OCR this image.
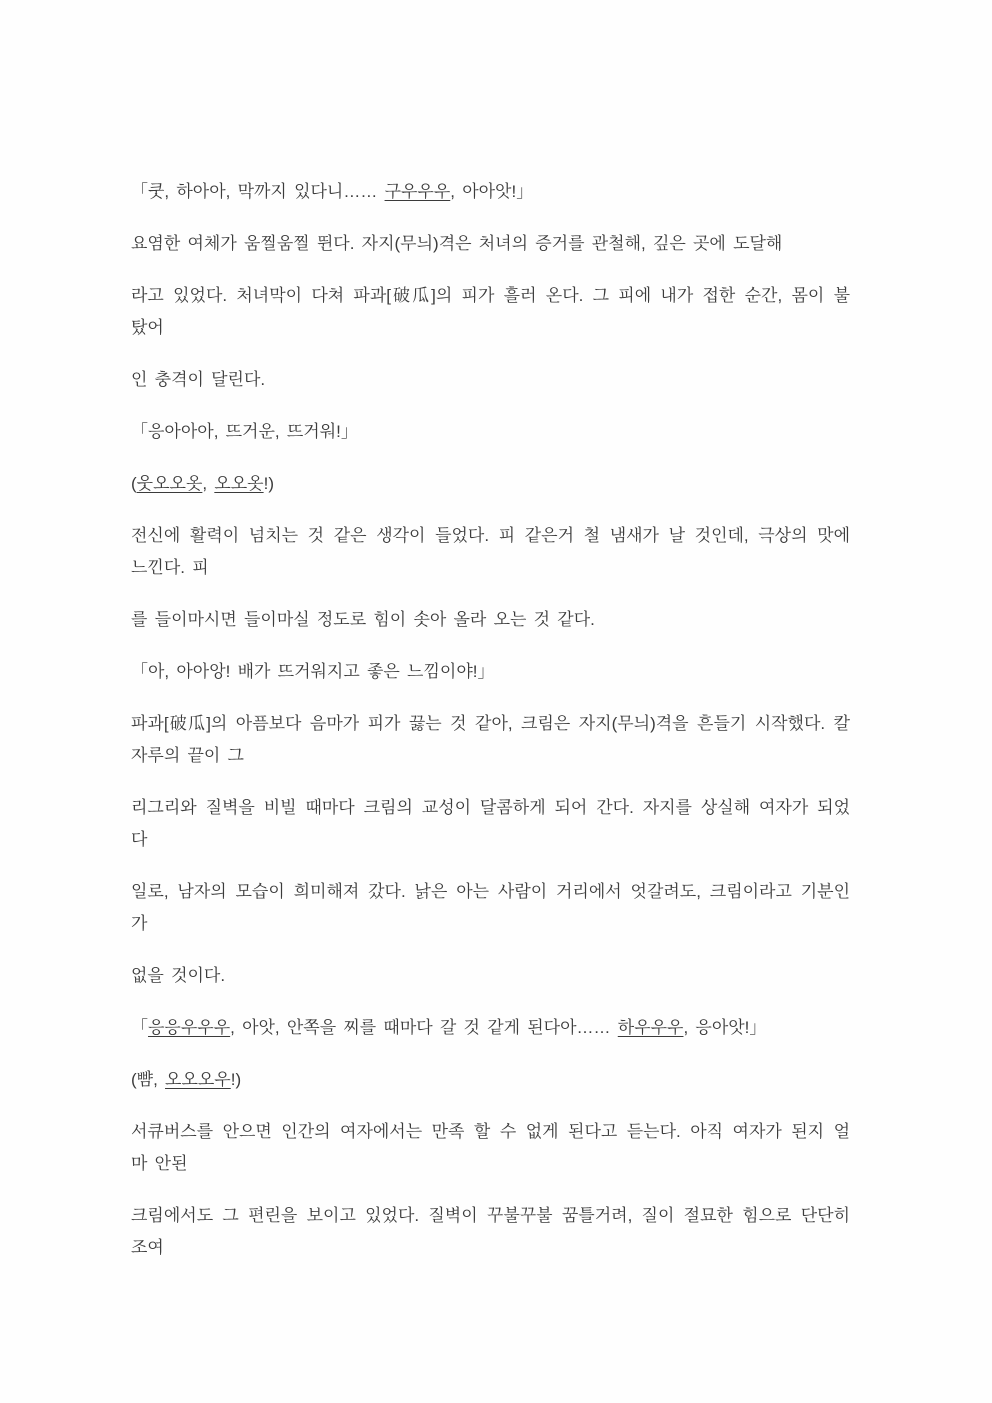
「쿳, 하아아, 막까지 있다니…… 구우우우, 아아앗!」
요염한 여체가 움찔움찔 뛴다. 자지(무늬)격은 처녀의 증거를 관철해, 깊은 곳에 도달해
라고 있었다. 처녀막이 다쳐 파과[破瓜]의 피가 흘러 온다. 그 피에 내가 접한 순간, 몸이 불
탔어
인 충격이 달린다.
「응아아아, 뜨거운, 뜨거워!」
(웃오오옷, 오오옷!)
전신에 활력이 넘치는 것 같은 생각이 들었다. 피 같은거 철 냄새가 날 것인데, 극상의 맛에
느낀다. 피
를 들이마시면 들이마실 정도로 힘이 솟아 올라 오는 것 같다.
「아, 아아앙! 배가 뜨거워지고 좋은 느낌이야!」
파과[破瓜]의 아픔보다 음마가 피가 끓는 것 같아, 크림은 자지(무늬)격을 흔들기 시작했다. 칼
자루의 끝이 그
리그리와 질벽을 비빌 때마다 크림의 교성이 달콤하게 되어 간다. 자지를 상실해 여자가 되었
다
일로, 남자의 모습이 희미해져 갔다. 낡은 아는 사람이 거리에서 엇갈려도, 크림이라고 기분인
가
없을 것이다.
「응응우우우, 아앗, 안쪽을 찌를 때마다 갈 것 같게 된다아…… 하우우우, 응아앗!」
(뺨, 오오오우!)
서큐버스를 안으면 인간의 여자에서는 만족 할 수 없게 된다고 듣는다. 아직 여자가 된지 얼
마 안된
크림에서도 그 편린을 보이고 있었다. 질벽이 꾸불꾸불 꿈틀거려, 질이 절묘한 힘으로 단단히
조여
